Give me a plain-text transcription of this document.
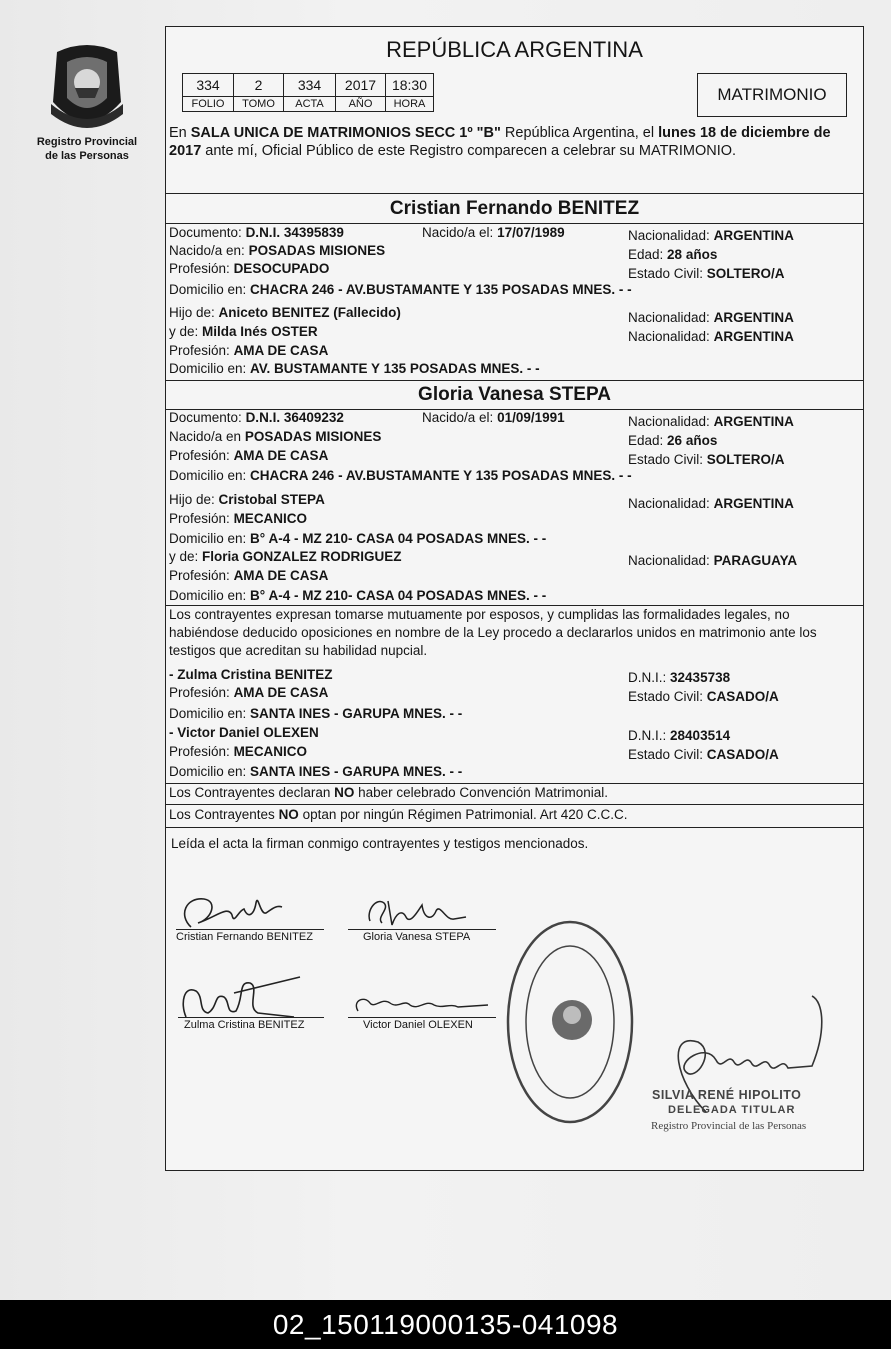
Registro Provincial
de las Personas
REPÚBLICA ARGENTINA
334	2	334	2017	18:30
FOLIO	TOMO	ACTA	AÑO	HORA	MATRIMONIO
En SALA UNICA DE MATRIMONIOS SECC 1º "B" República Argentina, el lunes 18 de diciembre de 2017 ante mí, Oficial Público de este Registro comparecen a celebrar su MATRIMONIO.
Cristian Fernando BENITEZ
Documento: D.N.I. 34395839	Nacido/a el: 17/07/1989	Nacionalidad: ARGENTINA
Nacido/a en: POSADAS MISIONES	Edad: 28 años
Profesión: DESOCUPADO	Estado Civil: SOLTERO/A
Domicilio en: CHACRA 246 - AV.BUSTAMANTE Y 135 POSADAS MNES. - -
Hijo de: Aniceto BENITEZ (Fallecido)	Nacionalidad: ARGENTINA
y de: Milda Inés OSTER	Nacionalidad: ARGENTINA
Profesión: AMA DE CASA
Domicilio en: AV. BUSTAMANTE Y 135 POSADAS MNES. - -
Gloria Vanesa STEPA
Documento: D.N.I. 36409232	Nacido/a el: 01/09/1991	Nacionalidad: ARGENTINA
Nacido/a en POSADAS MISIONES	Edad: 26 años
Profesión: AMA DE CASA	Estado Civil: SOLTERO/A
Domicilio en: CHACRA 246 - AV.BUSTAMANTE Y 135 POSADAS MNES. - -
Hijo de: Cristobal STEPA	Nacionalidad: ARGENTINA
Profesión: MECANICO
Domicilio en: B° A-4 - MZ 210- CASA 04 POSADAS MNES. - -
y de: Floria GONZALEZ RODRIGUEZ	Nacionalidad: PARAGUAYA
Profesión: AMA DE CASA
Domicilio en: B° A-4 - MZ 210- CASA 04 POSADAS MNES. - -
Los contrayentes expresan tomarse mutuamente por esposos, y cumplidas las formalidades legales, no habiéndose deducido oposiciones en nombre de la Ley procedo a declararlos unidos en matrimonio ante los testigos que acreditan su habilidad nupcial.
- Zulma Cristina BENITEZ	D.N.I.: 32435738
Profesión: AMA DE CASA	Estado Civil: CASADO/A
Domicilio en: SANTA INES - GARUPA MNES. - -
- Victor Daniel OLEXEN	D.N.I.: 28403514
Profesión: MECANICO	Estado Civil: CASADO/A
Domicilio en: SANTA INES - GARUPA MNES. - -
Los Contrayentes declaran NO haber celebrado Convención Matrimonial.
Los Contrayentes NO optan por ningún Régimen Patrimonial. Art 420 C.C.C.
Leída el acta la firman conmigo contrayentes y testigos mencionados.
Cristian Fernando BENITEZ	Gloria Vanesa STEPA
Zulma Cristina BENITEZ	Victor Daniel OLEXEN
SILVIA RENÉ HIPOLITO
DELEGADA TITULAR
Registro Provincial de las Personas
02_150119000135-041098
